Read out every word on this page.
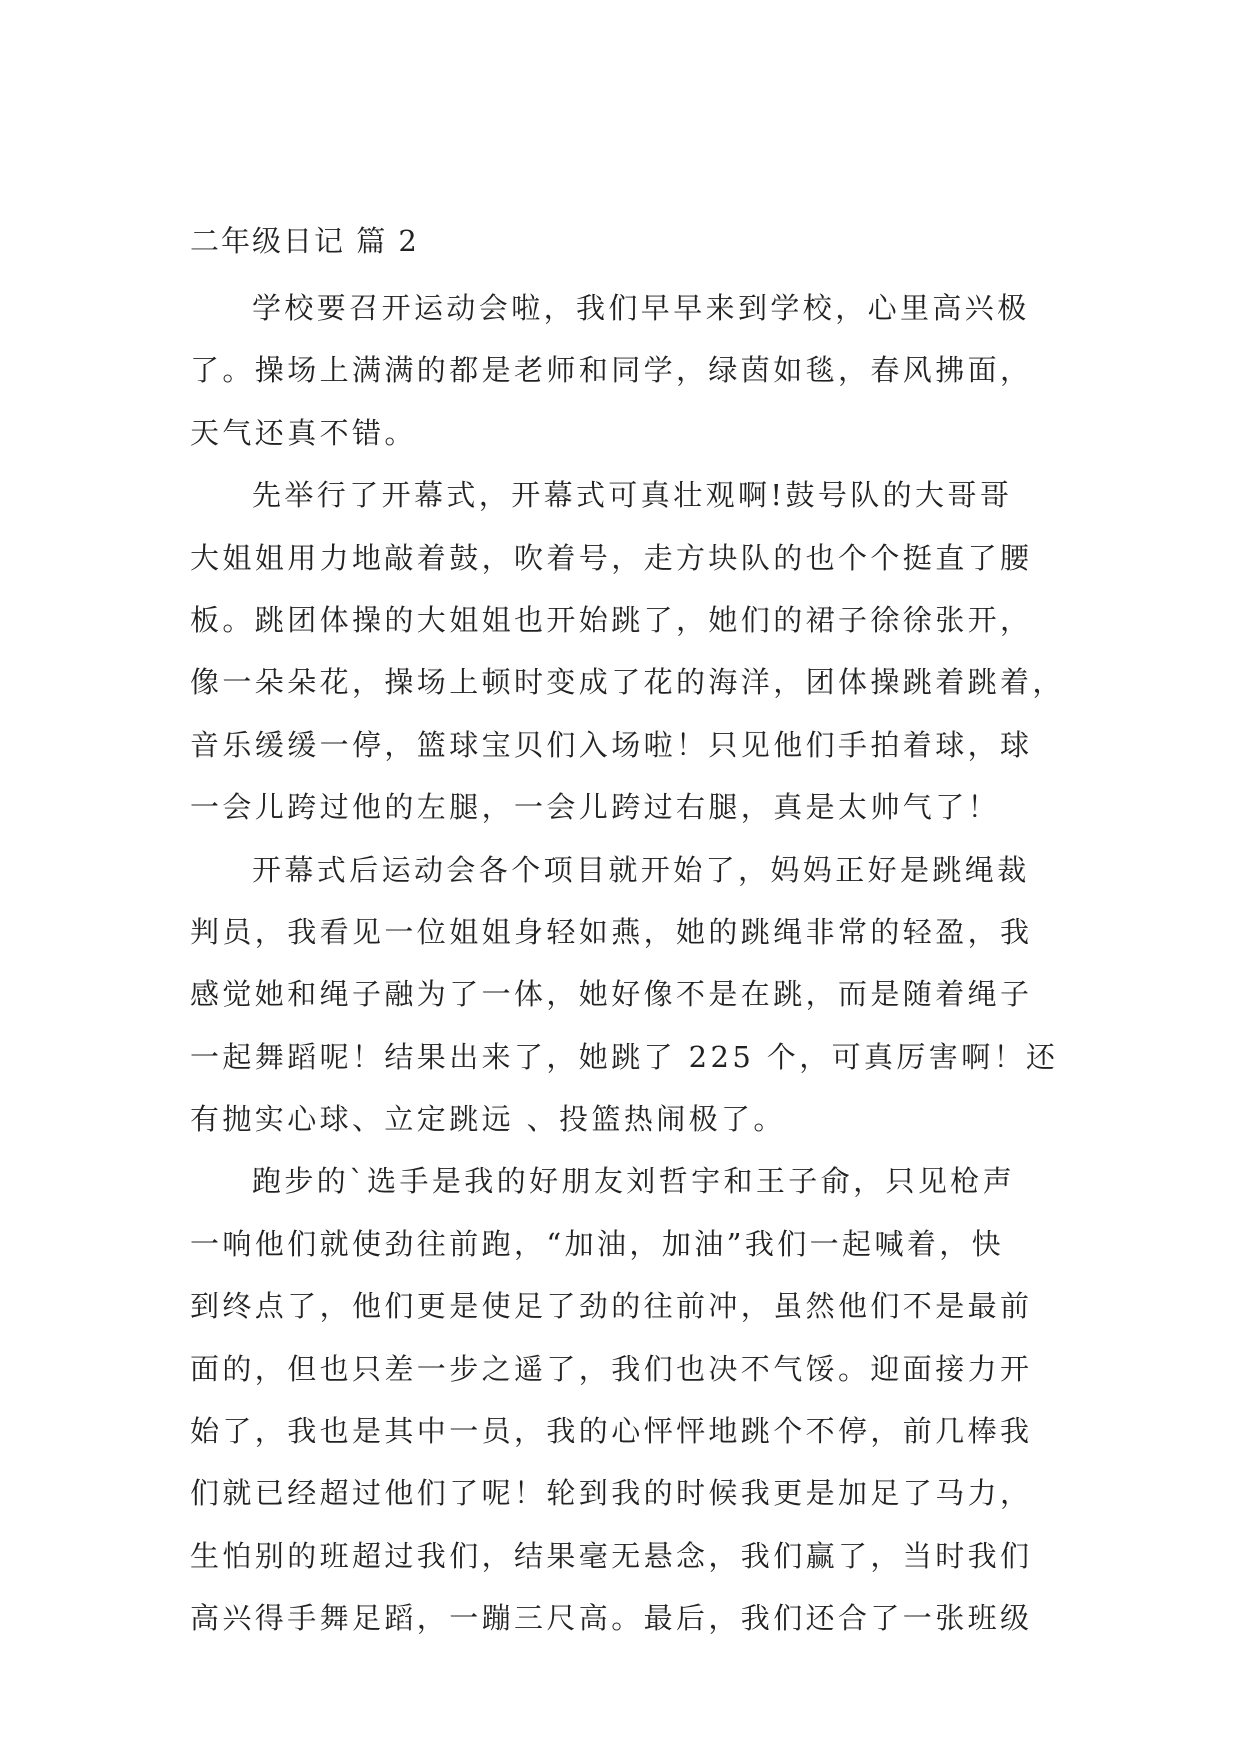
二年级日记 篇 2
学校要召开运动会啦，我们早早来到学校，心里高兴极
了。操场上满满的都是老师和同学，绿茵如毯，春风拂面，
天气还真不错。
先举行了开幕式，开幕式可真壮观啊!鼓号队的大哥哥
大姐姐用力地敲着鼓，吹着号，走方块队的也个个挺直了腰
板。跳团体操的大姐姐也开始跳了，她们的裙子徐徐张开，
像一朵朵花，操场上顿时变成了花的海洋，团体操跳着跳着，
音乐缓缓一停，篮球宝贝们入场啦！只见他们手拍着球，球
一会儿跨过他的左腿，一会儿跨过右腿，真是太帅气了！
开幕式后运动会各个项目就开始了，妈妈正好是跳绳裁
判员，我看见一位姐姐身轻如燕，她的跳绳非常的轻盈，我
感觉她和绳子融为了一体，她好像不是在跳，而是随着绳子
一起舞蹈呢！结果出来了，她跳了 225 个，可真厉害啊！还
有抛实心球、立定跳远 、投篮热闹极了。
跑步的`选手是我的好朋友刘哲宇和王子俞，只见枪声
一响他们就使劲往前跑，“加油，加油”我们一起喊着，快
到终点了，他们更是使足了劲的往前冲，虽然他们不是最前
面的，但也只差一步之遥了，我们也决不气馁。迎面接力开
始了，我也是其中一员，我的心怦怦地跳个不停，前几棒我
们就已经超过他们了呢！轮到我的时候我更是加足了马力，
生怕别的班超过我们，结果毫无悬念，我们赢了，当时我们
高兴得手舞足蹈，一蹦三尺高。最后，我们还合了一张班级
